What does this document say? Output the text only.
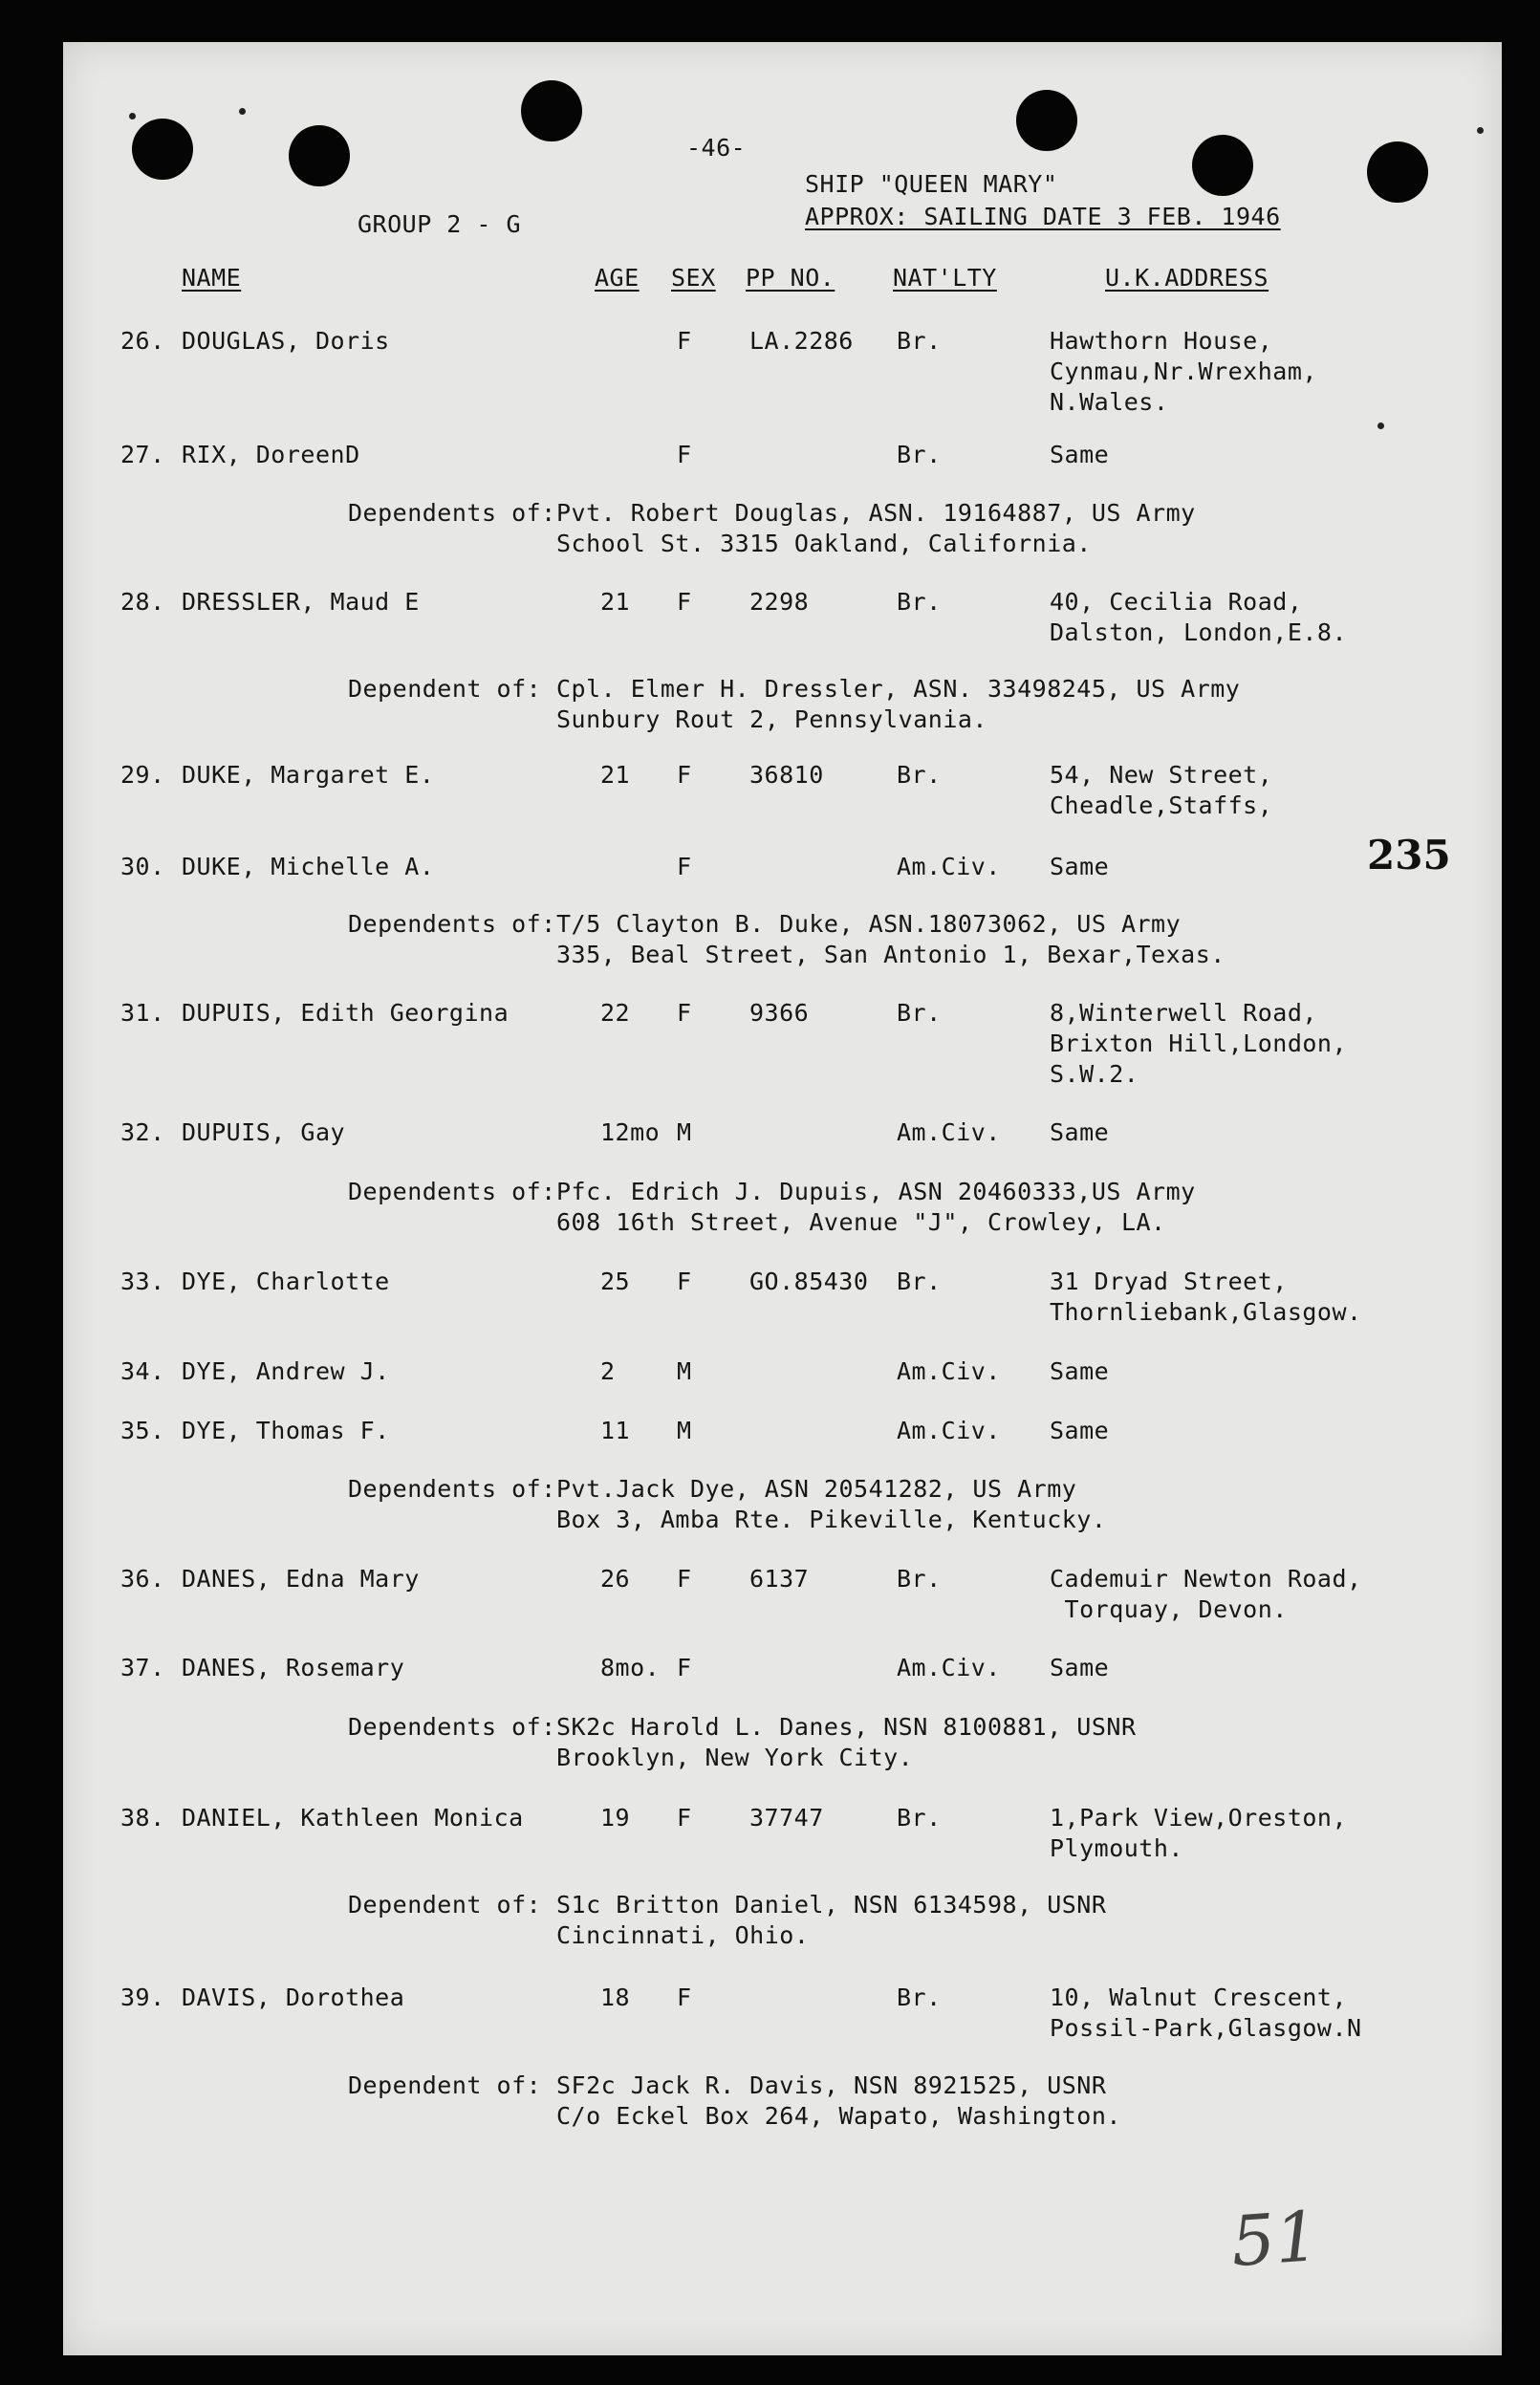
-46-
GROUP 2 - G
SHIP "QUEEN MARY"
APPROX: SAILING DATE 3 FEB. 1946
NAME	AGE SEX PP NO. NAT'LTY	U.K.ADDRESS
26. DOUGLAS, Doris	F LA.2286 Br.	Hawthorn House,
Cynmau,Nr.Wrexham,
N.Wales.
27. RIX, DoreenD	F	Br.	Same
Dependents of: Pvt. Robert Douglas, ASN. 19164887, US Army
School St. 3315 Oakland, California.
28. DRESSLER, Maud E	21 F 2298	Br.	40, Cecilia Road,
Dalston, London,E.8.
Dependent of: Cpl. Elmer H. Dressler, ASN. 33498245, US Army
Sunbury Rout 2, Pennsylvania.
29. DUKE, Margaret E.	21 F 36810	Br.	54, New Street,
Cheadle,Staffs,
30. DUKE, Michelle A.	F	Am.Civ. Same
Dependents of: T/5 Clayton B. Duke, ASN.18073062, US Army
335, Beal Street, San Antonio 1, Bexar,Texas.
31. DUPUIS, Edith Georgina	22 F 9366	Br.	8,Winterwell Road,
Brixton Hill,London,
S.W.2.
32. DUPUIS, Gay	12mo M	Am.Civ. Same
Dependents of: Pfc. Edrich J. Dupuis, ASN 20460333,US Army
608 16th Street, Avenue "J", Crowley, LA.
33. DYE, Charlotte	25 F GO.85430 Br.	31 Dryad Street,
Thornliebank,Glasgow.
34. DYE, Andrew J.	2	M	Am.Civ. Same
35. DYE, Thomas F.	11 M	Am.Civ. Same
Dependents of: Pvt.Jack Dye, ASN 20541282, US Army
Box 3, Amba Rte. Pikeville, Kentucky.
36. DANES, Edna Mary	26 F 6137	Br.	Cademuir Newton Road,
Torquay, Devon.
37. DANES, Rosemary	8mo. F	Am.Civ. Same
Dependents of: SK2c Harold L. Danes, NSN 8100881, USNR
Brooklyn, New York City.
38. DANIEL, Kathleen Monica	19 F 37747	Br.	1,Park View,Oreston,
Plymouth.
Dependent of: S1c Britton Daniel, NSN 6134598, USNR
Cincinnati, Ohio.
39. DAVIS, Dorothea	18 F	Br.	10, Walnut Crescent,
Possil-Park,Glasgow.N
Dependent of: SF2c Jack R. Davis, NSN 8921525, USNR
C/o Eckel Box 264, Wapato, Washington.
235
51
